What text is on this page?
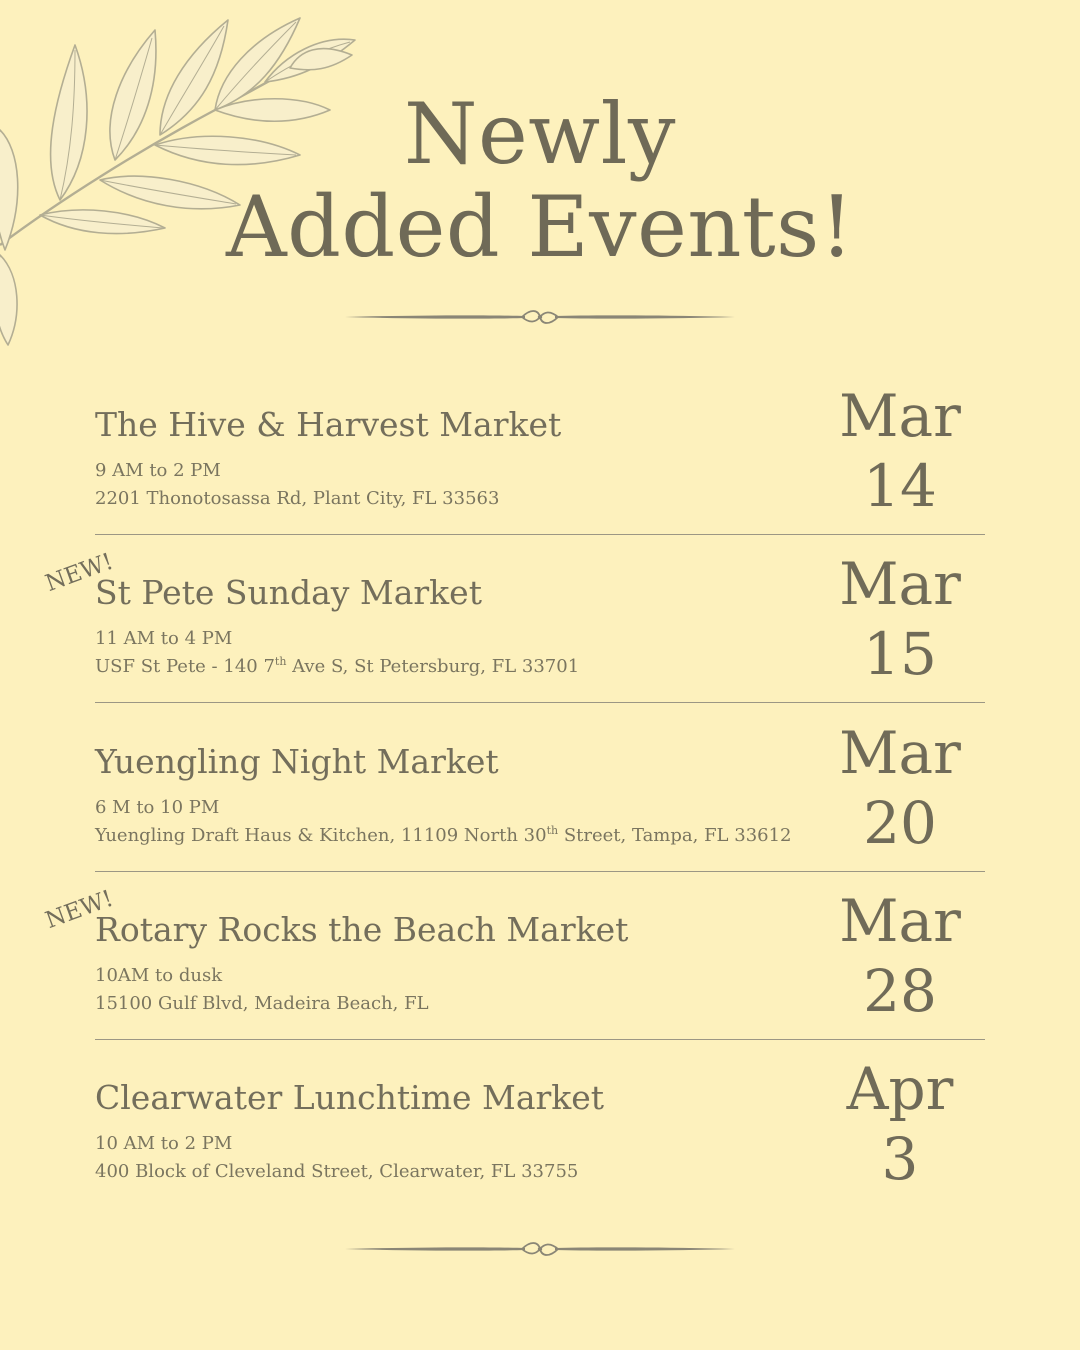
Newly
Added Events!
The Hive & Harvest Market
9 AM to 2 PM
2201 Thonotosassa Rd, Plant City, FL 33563
Mar
14
NEW!
St Pete Sunday Market
11 AM to 4 PM
USF St Pete - 140 7th Ave S, St Petersburg, FL 33701
Mar
15
Yuengling Night Market
6 M to 10 PM
Yuengling Draft Haus & Kitchen, 11109 North 30th Street, Tampa, FL 33612
Mar
20
NEW!
Rotary Rocks the Beach Market
10AM to dusk
15100 Gulf Blvd, Madeira Beach, FL
Mar
28
Clearwater Lunchtime Market
10 AM to 2 PM
400 Block of Cleveland Street, Clearwater, FL 33755
Apr
3
